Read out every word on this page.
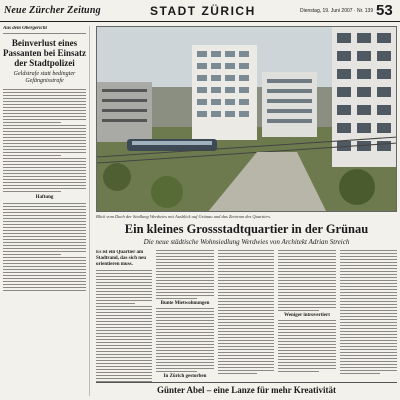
Neue Zürcher Zeitung	STADT ZÜRICH	Dienstag, 19. Juni 2007 · Nr. 139 53
Aus dem Obergericht
Beinverlust eines Passanten bei Einsatz der Stadtpolizei
Geldstrafe statt bedingter Gefängnisstrafe
Haftung
Blick vom Dach der Siedlung Werdwies mit Ausblick auf Grünau und das Zentrum des Quartiers.
Ein kleines Grossstadtquartier in der Grünau
Die neue städtische Wohnsiedlung Werdwies von Architekt Adrian Streich
Es ist ein Quartier am Stadtrand, das sich neu orientieren muss.
Bunte Mietwohnungen
In Zürich gestorben
Weniger introvertiert
Günter Abel – eine Lanze für mehr Kreativität
